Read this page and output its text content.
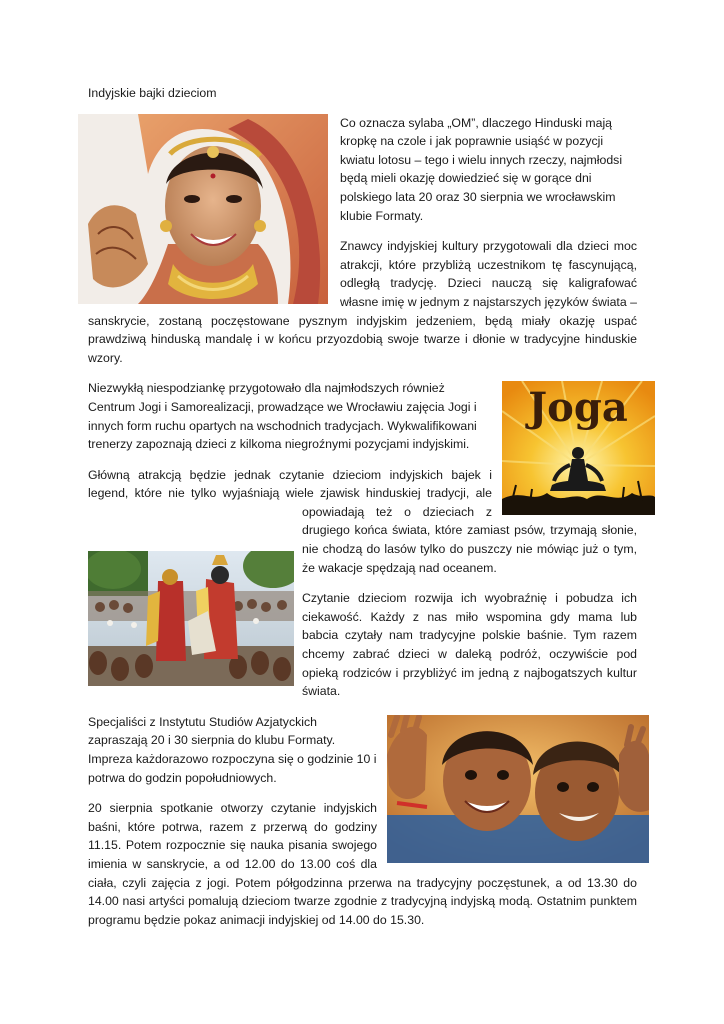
Indyjskie bajki dzieciom

Co oznacza sylaba „OM”, dlaczego Hinduski mają kropkę na czole i jak poprawnie usiąść w pozycji kwiatu lotosu – tego i wielu innych rzeczy, najmłodsi będą mieli okazję dowiedzieć się w gorące dni polskiego lata 20 oraz 30 sierpnia we wrocławskim klubie Formaty.

Znawcy indyjskiej kultury przygotowali dla dzieci moc atrakcji, które przybliżą uczestnikom tę fascynującą, odległą tradycję. Dzieci nauczą się kaligrafować własne imię w jednym z najstarszych języków świata – sanskrycie, zostaną poczęstowane pysznym indyjskim jedzeniem, będą miały okazję uspać prawdziwą hinduską mandalę i w końcu przyozdobią swoje twarze i dłonie w tradycyjne hinduskie wzory.

Joga

Niezwykłą niespodziankę przygotowało dla najmłodszych również Centrum Jogi i Samorealizacji, prowadzące we Wrocławiu zajęcia Jogi i innych form ruchu opartych na wschodnich tradycjach. Wykwalifikowani trenerzy zapoznają dzieci z kilkoma niegroźnymi pozycjami indyjskimi.

Główną atrakcją będzie jednak czytanie dzieciom indyjskich bajek i legend, które nie tylko wyjaśniają wiele zjawisk hinduskiej tradycji, ale opowiadają też o dzieciach z drugiego końca świata, które zamiast psów, trzymają słonie, nie chodzą do lasów tylko do puszczy nie mówiąc już o tym, że wakacje spędzają nad oceanem.

Czytanie dzieciom rozwija ich wyobraźnię i pobudza ich ciekawość. Każdy z nas miło wspomina gdy mama lub babcia czytały nam tradycyjne polskie baśnie. Tym razem chcemy zabrać dzieci w daleką podróż, oczywiście pod opieką rodziców i przybliżyć im jedną z najbogatszych kultur świata.

Specjaliści z Instytutu Studiów Azjatyckich zapraszają 20 i 30 sierpnia do klubu Formaty. Impreza każdorazowo rozpoczyna się o godzinie 10 i potrwa do godzin popołudniowych.

20 sierpnia spotkanie otworzy czytanie indyjskich baśni, które potrwa, razem z przerwą do godziny 11.15. Potem rozpocznie się nauka pisania swojego imienia w sanskrycie, a od 12.00 do 13.00 coś dla ciała, czyli zajęcia z jogi. Potem półgodzinna przerwa na tradycyjny poczęstunek, a od 13.30 do 14.00 nasi artyści pomalują dzieciom twarze zgodnie z tradycyjną indyjską modą. Ostatnim punktem programu będzie pokaz animacji indyjskiej od 14.00 do 15.30.
